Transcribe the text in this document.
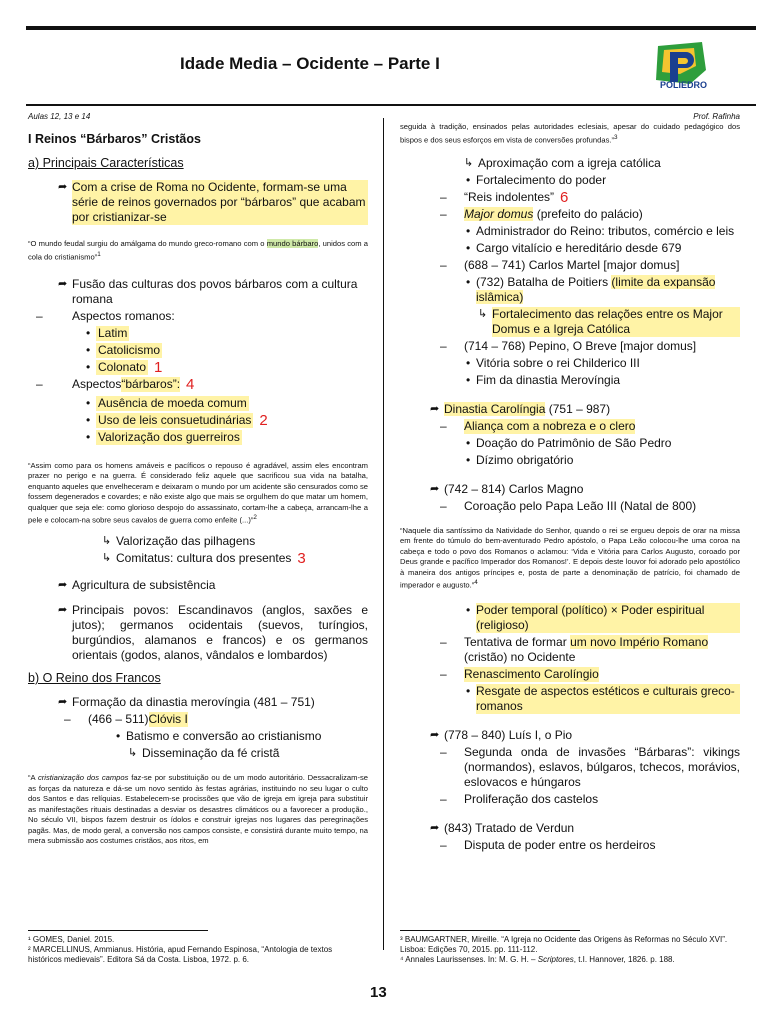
Idade Media – Ocidente – Parte I
POLIEDRO
Aulas 12, 13 e 14	Prof. Rafinha
I Reinos “Bárbaros” Cristãos
a) Principais Características
➦ Com a crise de Roma no Ocidente, formam-se uma série de reinos governados por “bárbaros” que acabam por cristianizar-se
“O mundo feudal surgiu do amálgama do mundo greco-romano com o mundo bárbaro, unidos com a cola do cristianismo”$^1$
➦ Fusão das culturas dos povos bárbaros com a cultura romana
–	Aspectos romanos:
• Latim
• Catolicismo
• Colonato 1
–	Aspectos “bárbaros”: 4
• Ausência de moeda comum
• Uso de leis consuetudinárias
• Valorização dos guerreiros
2
“Assim como para os homens amáveis e pacíficos o repouso é agradável, assim eles encontram prazer no perigo e na guerra. É considerado feliz aquele que sacrificou sua vida na batalha, enquanto aqueles que envelheceram e deixaram o mundo por um acidente são censurados como se fossem degenerados e covardes; e não existe algo que mais se orgulhem do que matar um homem, qualquer que seja ele: como glorioso despojo do assassinato, cortam-lhe a cabeça, arrancam-lhe a pele e colocam-na sobre seus cavalos de guerra como enfeite (...)”$^2$
↳ Valorização das pilhagens
↳ Comitatus: cultura dos presentes 3
➦ Agricultura de subsistência
➦ Principais povos: Escandinavos (anglos, saxões e jutos); germanos ocidentais (suevos, turíngios, burgúndios, alamanos e francos) e os germanos orientais (godos, alanos, vândalos e lombardos)
b) O Reino dos Francos
➦ Formação da dinastia merovíngia (481 – 751)
–	(466 – 511) Clóvis I
• Batismo e conversão ao cristianismo
↳ Disseminação da fé cristã
“A cristianização dos campos faz-se por substituição ou de um modo autoritário. Dessacralizam-se as forças da natureza e dá-se um novo sentido às festas agrárias, instituindo no seu lugar o culto dos Santos e das relíquias. Estabelecem-se procissões que vão de igreja em igreja para substituir as manifestações rituais destinadas a desviar os desastres climáticos ou a favorecer a produção., No século VII, bispos fazem destruir os ídolos e construir igrejas nos lugares das peregrinações pagãs. Mas, de modo geral, a conversão nos campos consiste, e consistirá durante muito tempo, na mera submissão aos costumes cristãos, aos ritos, em
¹ GOMES, Daniel. 2015.
² MARCELLINUS, Ammianus. História, apud Fernando Espinosa, “Antologia de textos históricos medievais”. Editora Sá da Costa. Lisboa, 1972. p. 6.
seguida à tradição, ensinados pelas autoridades eclesiais, apesar do cuidado pedagógico dos bispos e dos seus esforços em vista de conversões profundas.”$^3$
↳ Aproximação com a igreja católica
• Fortalecimento do poder
–	“Reis indolentes” 6
–	Major domus (prefeito do palácio)
• Administrador do Reino: tributos, comércio e leis
• Cargo vitalício e hereditário desde 679
–	(688 – 741) Carlos Martel [major domus]
• (732) Batalha de Poitiers (limite da expansão islâmica)
↳ Fortalecimento das relações entre os Major Domus e a Igreja Católica
–	(714 – 768) Pepino, O Breve [major domus]
• Vitória sobre o rei Childerico III
• Fim da dinastia Merovíngia
➦ Dinastia Carolíngia (751 – 987)
–	Aliança com a nobreza e o clero
• Doação do Patrimônio de São Pedro
• Dízimo obrigatório
➦ (742 – 814) Carlos Magno
–	Coroação pelo Papa Leão III (Natal de 800)
“Naquele dia santíssimo da Natividade do Senhor, quando o rei se ergueu depois de orar na missa em frente do túmulo do bem-aventurado Pedro apóstolo, o Papa Leão colocou-lhe uma coroa na cabeça e todo o povo dos Romanos o aclamou: ‘Vida e Vitória para Carlos Augusto, coroado por Deus grande e pacífico Imperador dos Romanos!’. E depois deste louvor foi adorado pelo apostólico à maneira dos antigos príncipes e, posta de parte a denominação de patrício, foi chamado de imperador e augusto.”$^4$
• Poder temporal (político) × Poder espiritual (religioso)
–	Tentativa de formar um novo Império Romano (cristão) no Ocidente
–	Renascimento Carolíngio
• Resgate de aspectos estéticos e culturais greco-romanos
➦ (778 – 840) Luís I, o Pio
–	Segunda onda de invasões “Bárbaras”: vikings (normandos), eslavos, búlgaros, tchecos, morávios, eslovacos e húngaros
–	Proliferação dos castelos
➦ (843) Tratado de Verdun
–	Disputa de poder entre os herdeiros
³ BAUMGARTNER, Mireille. “A Igreja no Ocidente das Origens às Reformas no Século XVI”. Lisboa: Edições 70, 2015. pp. 111-112.
⁴ Annales Laurissenses. In: M. G. H. – Scriptores, t.I. Hannover, 1826. p. 188.
13
